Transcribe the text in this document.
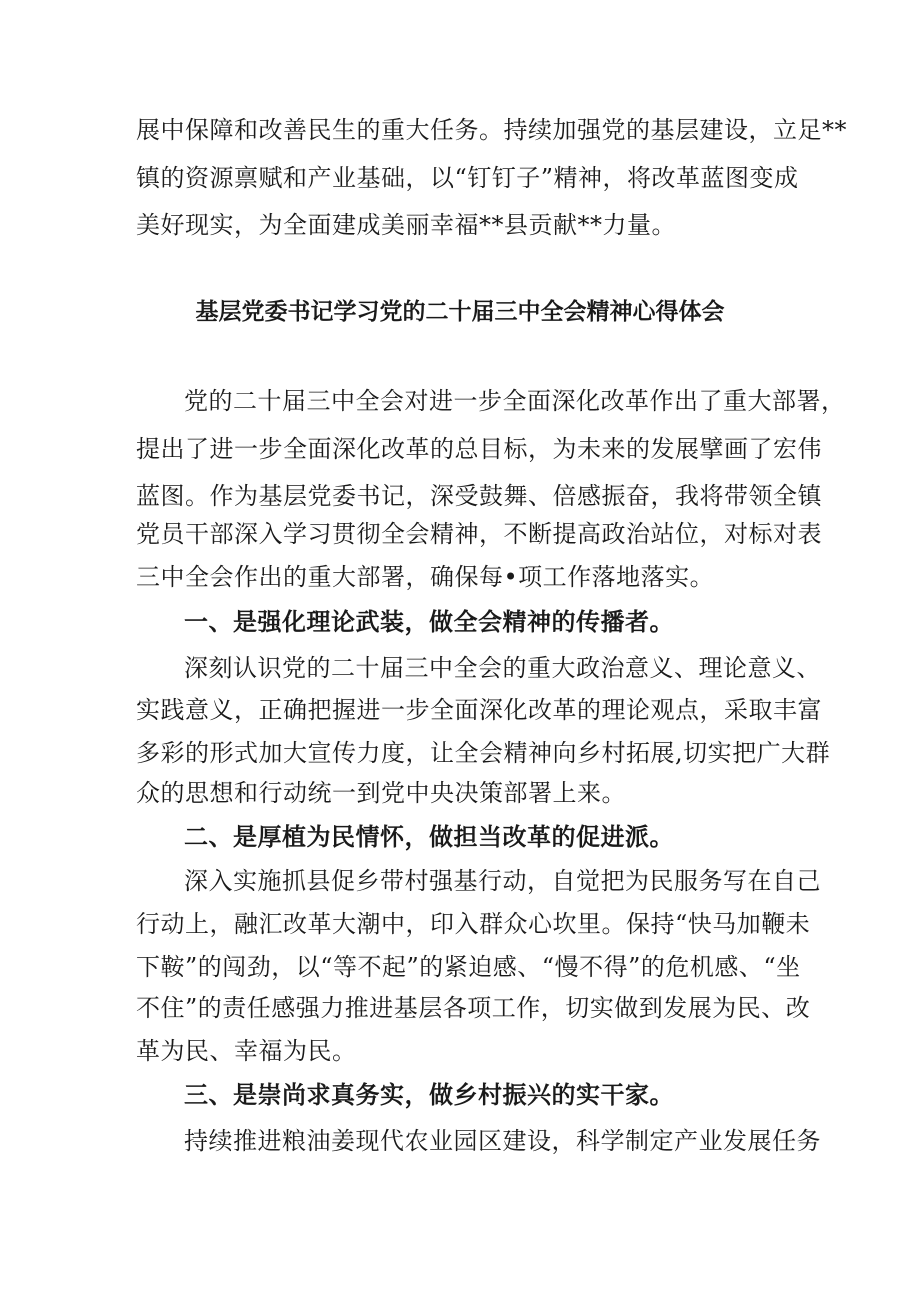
展中保障和改善民生的重大任务。持续加强党的基层建设，立足**
镇的资源禀赋和产业基础，以“钉钉子”精神，将改革蓝图变成
美好现实，为全面建成美丽幸福**县贡献**力量。
基层党委书记学习党的二十届三中全会精神心得体会
党的二十届三中全会对进一步全面深化改革作出了重大部署，
提出了进一步全面深化改革的总目标，为未来的发展擘画了宏伟
蓝图。作为基层党委书记，深受鼓舞、倍感振奋，我将带领全镇
党员干部深入学习贯彻全会精神，不断提高政治站位，对标对表
三中全会作出的重大部署，确保每•项工作落地落实。
一、是强化理论武装，做全会精神的传播者。
深刻认识党的二十届三中全会的重大政治意义、理论意义、
实践意义，正确把握进一步全面深化改革的理论观点，采取丰富
多彩的形式加大宣传力度，让全会精神向乡村拓展,切实把广大群
众的思想和行动统一到党中央决策部署上来。
二、是厚植为民情怀，做担当改革的促进派。
深入实施抓县促乡带村强基行动，自觉把为民服务写在自己
行动上，融汇改革大潮中，印入群众心坎里。保持“快马加鞭未
下鞍”的闯劲，以“等不起”的紧迫感、“慢不得”的危机感、“坐
不住”的责任感强力推进基层各项工作，切实做到发展为民、改
革为民、幸福为民。
三、是崇尚求真务实，做乡村振兴的实干家。
持续推进粮油姜现代农业园区建设，科学制定产业发展任务
